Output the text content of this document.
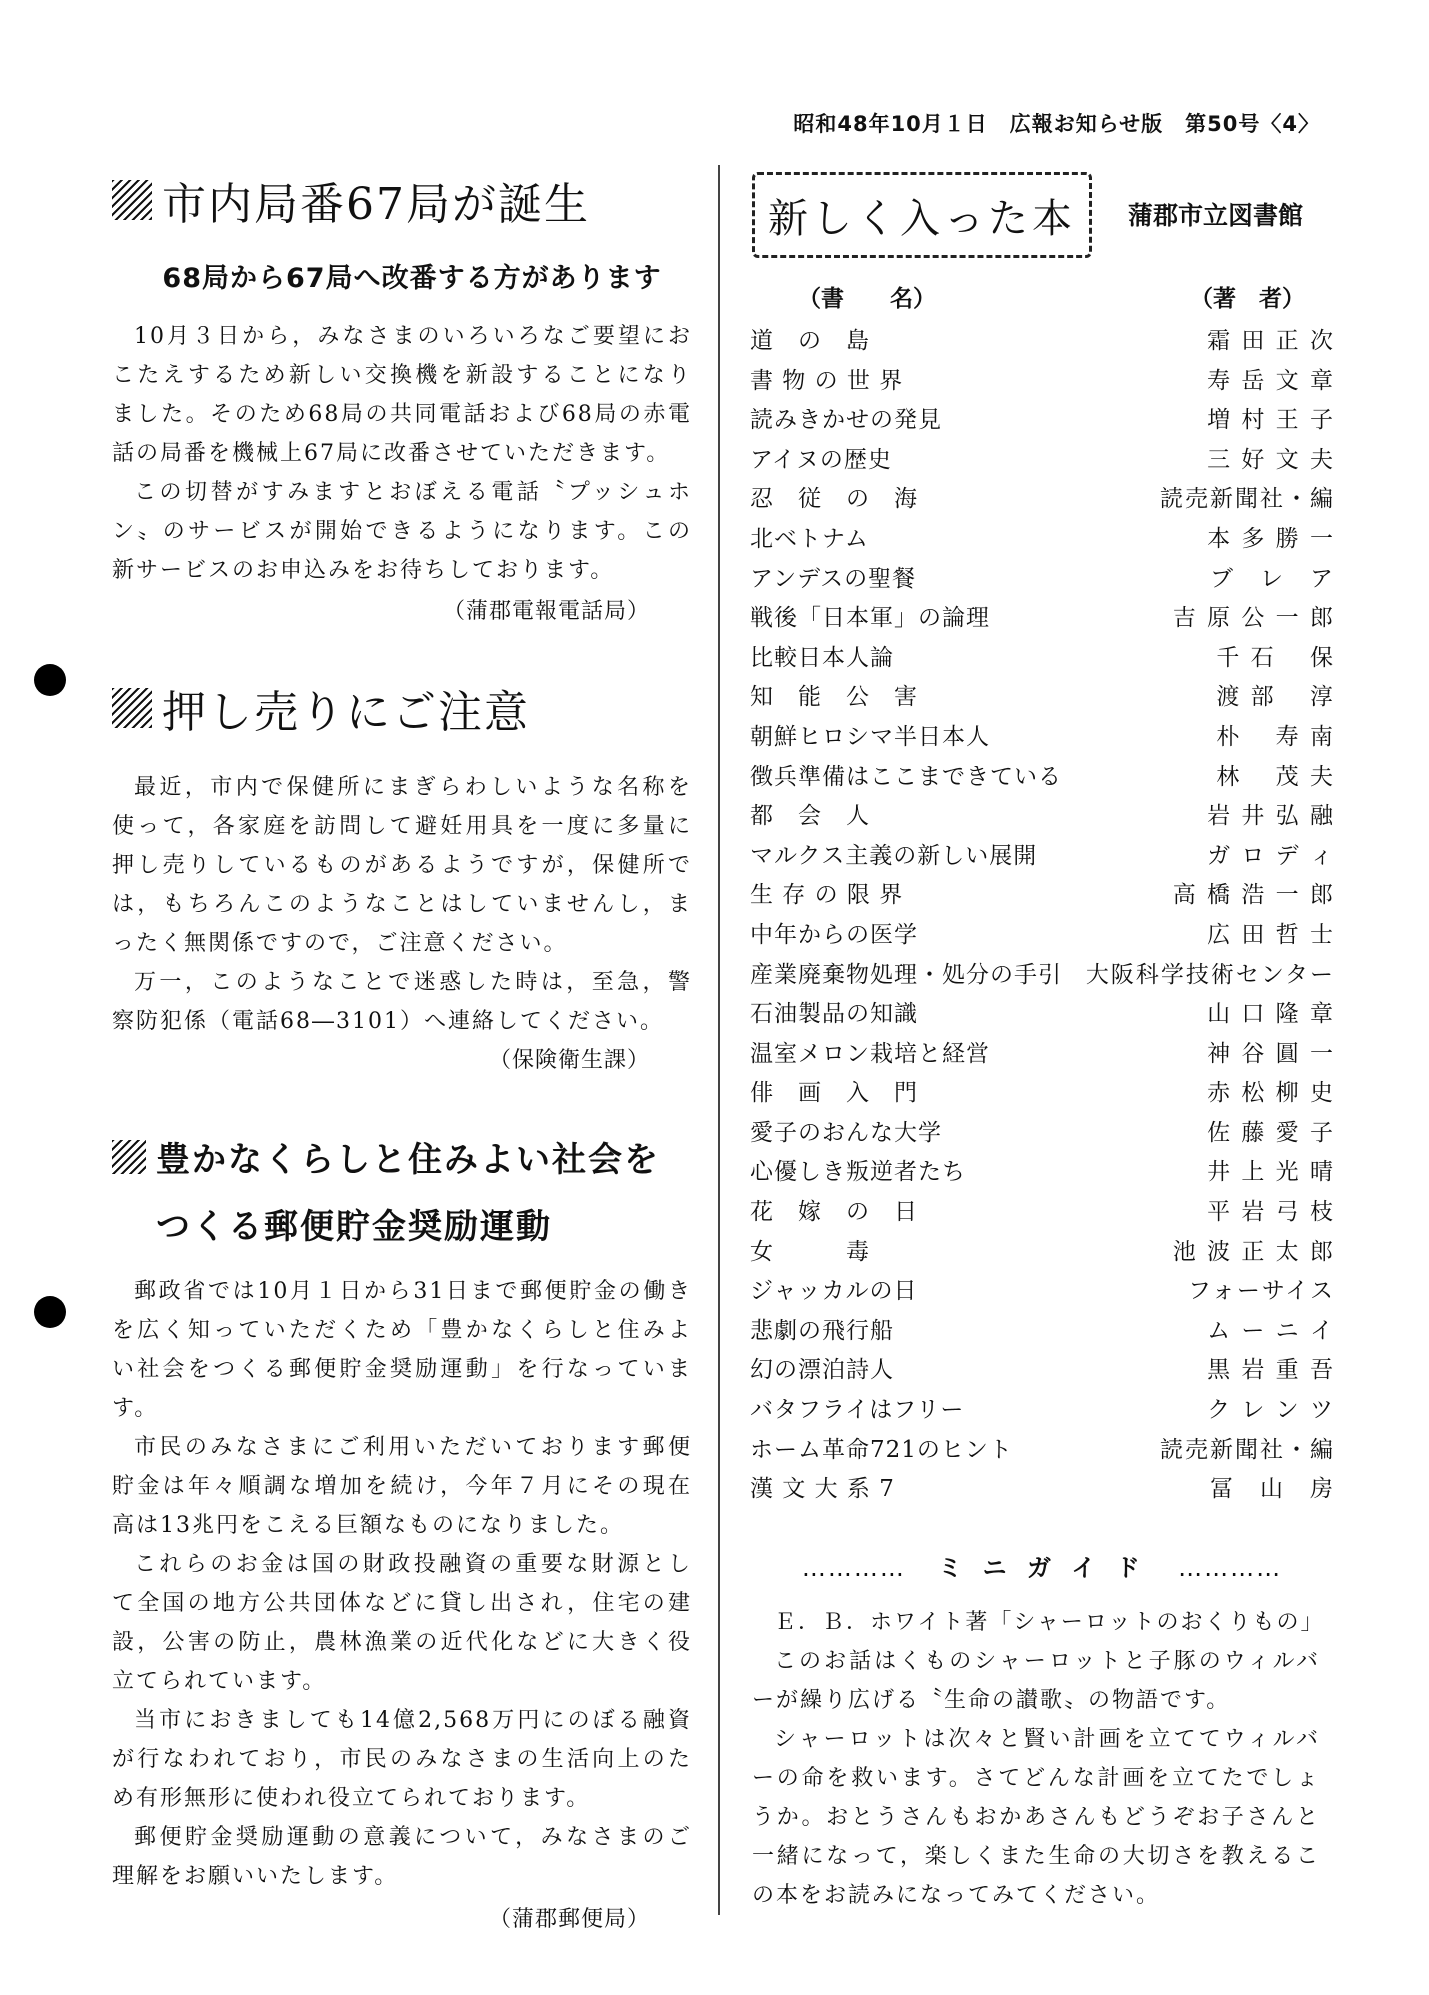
昭和48年10月１日　広報お知らせ版　第50号〈4〉
市内局番67局が誕生
68局から67局へ改番する方があります

10月３日から，みなさまのいろいろなご要望にお こたえするため新しい交換機を新設することになり ました。そのため68局の共同電話および68局の赤電 話の局番を機械上67局に改番させていただきます。

この切替がすみますとおぼえる電話〝プッシュホ ン〟のサービスが開始できるようになります。この 新サービスのお申込みをお待ちしております。

（蒲郡電報電話局）
押し売りにご注意

最近，市内で保健所にまぎらわしいような名称を 使って，各家庭を訪問して避妊用具を一度に多量に 押し売りしているものがあるようですが，保健所で は，もちろんこのようなことはしていませんし，ま ったく無関係ですので，ご注意ください。

万一，このようなことで迷惑した時は，至急，警 察防犯係（電話68―3101）へ連絡してください。

（保険衛生課）
豊かなくらしと住みよい社会を
つくる郵便貯金奨励運動

郵政省では10月１日から31日まで郵便貯金の働き を広く知っていただくため「豊かなくらしと住みよ い社会をつくる郵便貯金奨励運動」を行なっていま す。

市民のみなさまにご利用いただいております郵便 貯金は年々順調な増加を続け，今年７月にその現在 高は13兆円をこえる巨額なものになりました。

これらのお金は国の財政投融資の重要な財源とし て全国の地方公共団体などに貸し出され，住宅の建 設，公害の防止，農林漁業の近代化などに大きく役 立てられています。

当市におきましても14億2,568万円にのぼる融資 が行なわれており，市民のみなさまの生活向上のた め有形無形に使われ役立てられております。

郵便貯金奨励運動の意義について，みなさまのご 理解をお願いいたします。

（蒲郡郵便局）
新しく入った本 蒲郡市立図書館
（書　　名）	（著　者）
道　の　島	霜 田 正 次
書 物 の 世 界	寿 岳 文 章
読みきかせの発見	増 村 王 子
アイヌの歴史	三 好 文 夫
忍　従　の　海	読売新聞社・編
北ベトナム	本 多 勝 一
アンデスの聖餐	ブ　レ　ア
戦後「日本軍」の論理	吉 原 公 一 郎
比較日本人論	千 石　 保
知　能　公　害	渡 部　 淳
朝鮮ヒロシマ半日本人	朴　 寿 南
徴兵準備はここまできている	林　 茂 夫
都　会　人	岩 井 弘 融
マルクス主義の新しい展開	ガ ロ デ ィ
生 存 の 限 界	高 橋 浩 一 郎
中年からの医学	広 田 哲 士
産業廃棄物処理・処分の手引 大阪科学技術センター
石油製品の知識	山 口 隆 章
温室メロン栽培と経営	神 谷 圓 一
俳　画　入　門	赤 松 柳 史
愛子のおんな大学	佐 藤 愛 子
心優しき叛逆者たち	井 上 光 晴
花　嫁　の　日	平 岩 弓 枝
女　　　毒	池 波 正 太 郎
ジャッカルの日	フォーサイス
悲劇の飛行船	ム ー ニ イ
幻の漂泊詩人	黒 岩 重 吾
バタフライはフリー	ク レ ン ツ
ホーム革命721のヒント	読売新聞社・編
漢 文 大 系 7	冨　山　房
………… ミ ニ ガ イ ド …………

Ｅ．Ｂ．ホワイト著「シャーロットのおくりもの」

このお話はくものシャーロットと子豚のウィルバ ーが繰り広げる〝生命の讃歌〟の物語です。

シャーロットは次々と賢い計画を立ててウィルバ ーの命を救います。さてどんな計画を立てたでしょ うか。おとうさんもおかあさんもどうぞお子さんと 一緒になって，楽しくまた生命の大切さを教えるこ の本をお読みになってみてください。
